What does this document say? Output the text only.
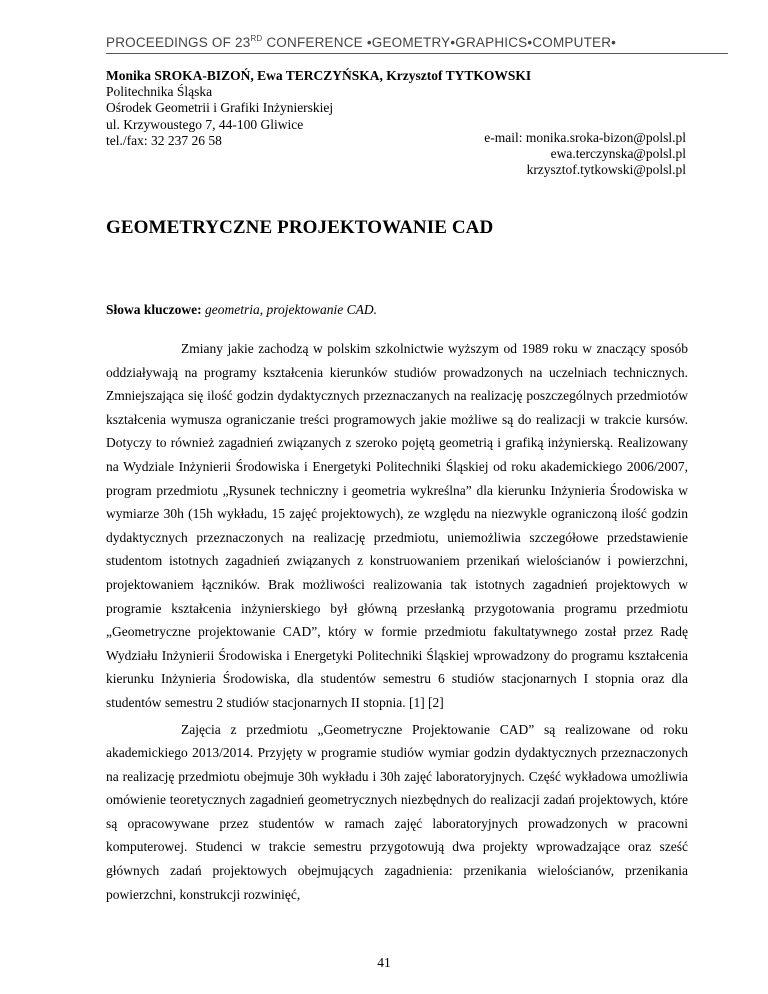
PROCEEDINGS OF 23RD CONFERENCE •GEOMETRY•GRAPHICS•COMPUTER•
Monika SROKA-BIZOŃ, Ewa TERCZYŃSKA, Krzysztof TYTKOWSKI
Politechnika Śląska
Ośrodek Geometrii i Grafiki Inżynierskiej
ul. Krzywoustego 7, 44-100 Gliwice
tel./fax: 32 237 26 58	e-mail: monika.sroka-bizon@polsl.pl
ewa.terczynska@polsl.pl
krzysztof.tytkowski@polsl.pl
GEOMETRYCZNE PROJEKTOWANIE CAD
Słowa kluczowe: geometria, projektowanie CAD.

Zmiany jakie zachodzą w polskim szkolnictwie wyższym od 1989 roku w znaczący sposób oddziaływają na programy kształcenia kierunków studiów prowadzonych na uczelniach technicznych. Zmniejszająca się ilość godzin dydaktycznych przeznaczanych na realizację poszczególnych przedmiotów kształcenia wymusza ograniczanie treści programowych jakie możliwe są do realizacji w trakcie kursów. Dotyczy to również zagadnień związanych z szeroko pojętą geometrią i grafiką inżynierską. Realizowany na Wydziale Inżynierii Środowiska i Energetyki Politechniki Śląskiej od roku akademickiego 2006/2007, program przedmiotu „Rysunek techniczny i geometria wykreślna” dla kierunku Inżynieria Środowiska w wymiarze 30h (15h wykładu, 15 zajęć projektowych), ze względu na niezwykle ograniczoną ilość godzin dydaktycznych przeznaczonych na realizację przedmiotu, uniemożliwia szczegółowe przedstawienie studentom istotnych zagadnień związanych z konstruowaniem przenikań wielościanów i powierzchni, projektowaniem łączników. Brak możliwości realizowania tak istotnych zagadnień projektowych w programie kształcenia inżynierskiego był główną przesłanką przygotowania programu przedmiotu „Geometryczne projektowanie CAD”, który w formie przedmiotu fakultatywnego został przez Radę Wydziału Inżynierii Środowiska i Energetyki Politechniki Śląskiej wprowadzony do programu kształcenia kierunku Inżynieria Środowiska, dla studentów semestru 6 studiów stacjonarnych I stopnia oraz dla studentów semestru 2 studiów stacjonarnych II stopnia. [1] [2]

Zajęcia z przedmiotu „Geometryczne Projektowanie CAD” są realizowane od roku akademickiego 2013/2014. Przyjęty w programie studiów wymiar godzin dydaktycznych przeznaczonych na realizację przedmiotu obejmuje 30h wykładu i 30h zajęć laboratoryjnych. Część wykładowa umożliwia omówienie teoretycznych zagadnień geometrycznych niezbędnych do realizacji zadań projektowych, które są opracowywane przez studentów w ramach zajęć laboratoryjnych prowadzonych w pracowni komputerowej. Studenci w trakcie semestru przygotowują dwa projekty wprowadzające oraz sześć głównych zadań projektowych obejmujących zagadnienia: przenikania wielościanów, przenikania powierzchni, konstrukcji rozwinięć,

41
